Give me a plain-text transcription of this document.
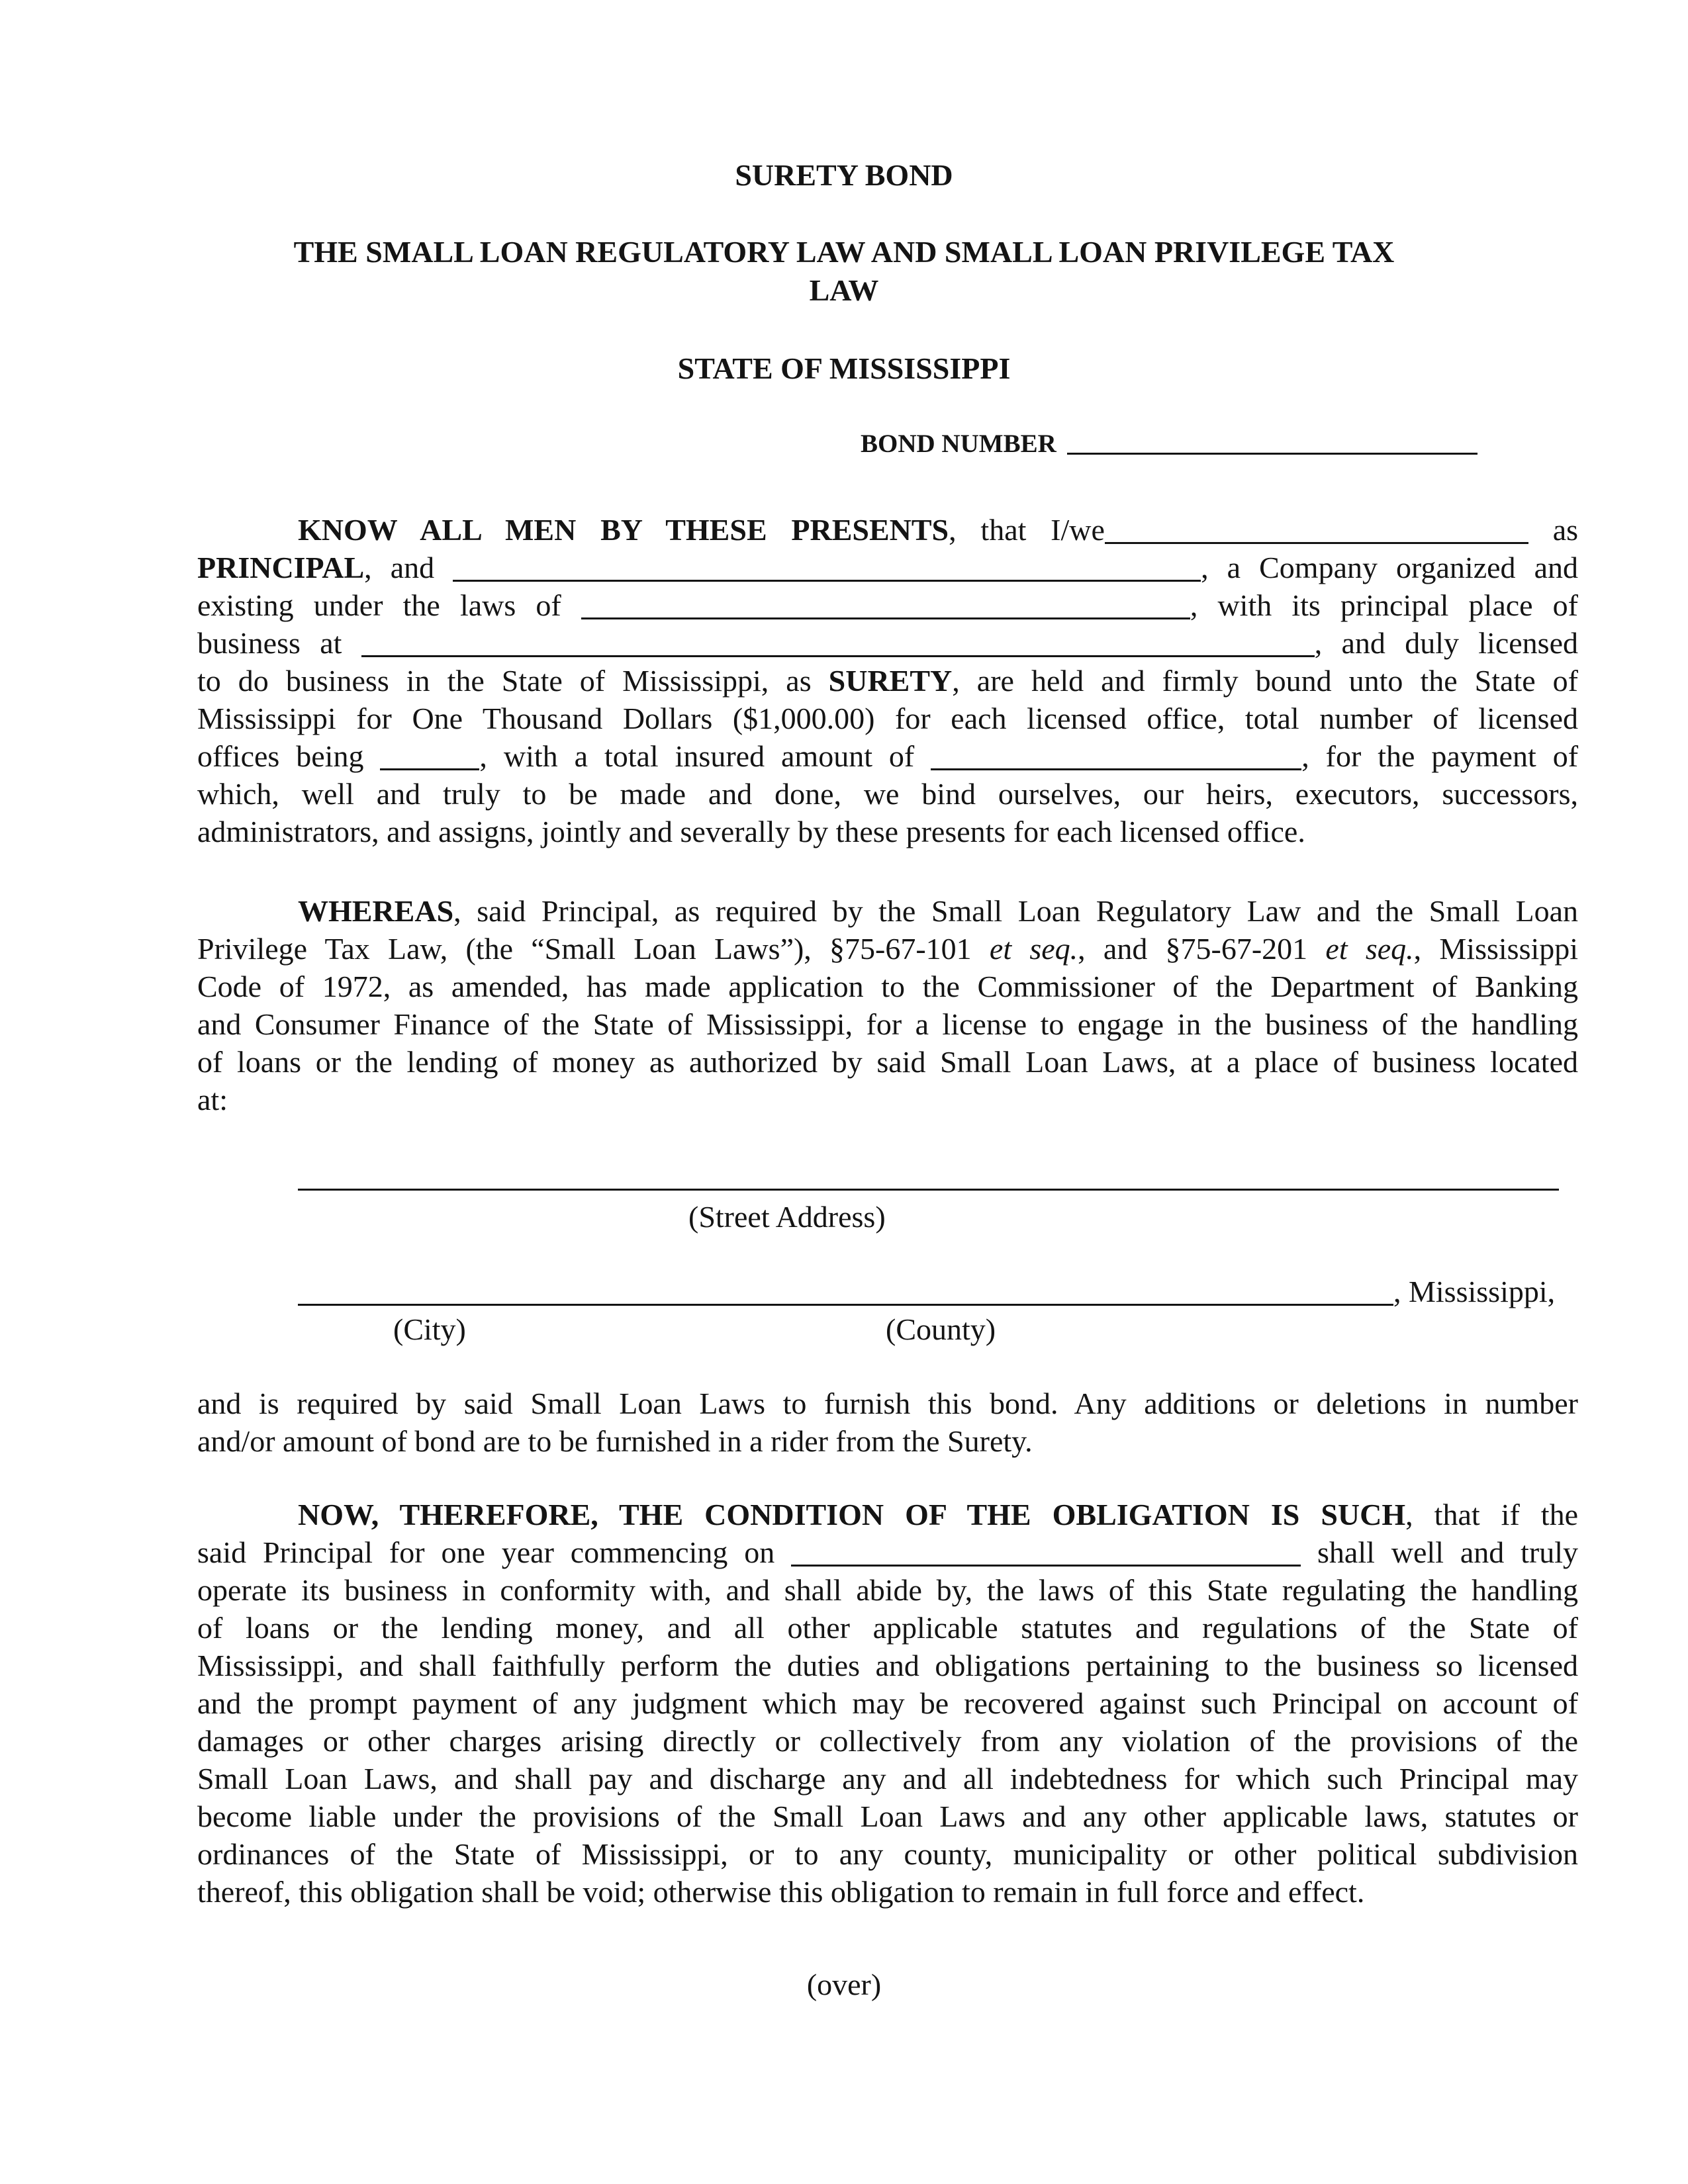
SURETY BOND
THE SMALL LOAN REGULATORY LAW AND SMALL LOAN PRIVILEGE TAX
LAW
STATE OF MISSISSIPPI
BOND NUMBER
KNOW ALL MEN BY THESE PRESENTS, that I/we	as
PRINCIPAL, and	, a Company organized and
existing under the laws of	, with its principal place of
business at	, and duly licensed
to do business in the State of Mississippi, as SURETY, are held and firmly bound unto the State of
Mississippi for One Thousand Dollars ($1,000.00) for each licensed office, total number of licensed
offices being	, with a total insured amount of	, for the payment of
which, well and truly to be made and done, we bind ourselves, our heirs, executors, successors,
administrators, and assigns, jointly and severally by these presents for each licensed office.
WHEREAS, said Principal, as required by the Small Loan Regulatory Law and the Small Loan
Privilege Tax Law, (the “Small Loan Laws”), §75-67-101 et seq., and §75-67-201 et seq., Mississippi
Code of 1972, as amended, has made application to the Commissioner of the Department of Banking
and Consumer Finance of the State of Mississippi, for a license to engage in the business of the handling
of loans or the lending of money as authorized by said Small Loan Laws, at a place of business located
at:
(Street Address)
, Mississippi,
(City)	(County)
and is required by said Small Loan Laws to furnish this bond. Any additions or deletions in number
and/or amount of bond are to be furnished in a rider from the Surety.
NOW, THEREFORE, THE CONDITION OF THE OBLIGATION IS SUCH, that if the
said Principal for one year commencing on	shall well and truly
operate its business in conformity with, and shall abide by, the laws of this State regulating the handling
of loans or the lending money, and all other applicable statutes and regulations of the State of
Mississippi, and shall faithfully perform the duties and obligations pertaining to the business so licensed
and the prompt payment of any judgment which may be recovered against such Principal on account of
damages or other charges arising directly or collectively from any violation of the provisions of the
Small Loan Laws, and shall pay and discharge any and all indebtedness for which such Principal may
become liable under the provisions of the Small Loan Laws and any other applicable laws, statutes or
ordinances of the State of Mississippi, or to any county, municipality or other political subdivision
thereof, this obligation shall be void; otherwise this obligation to remain in full force and effect.
(over)
